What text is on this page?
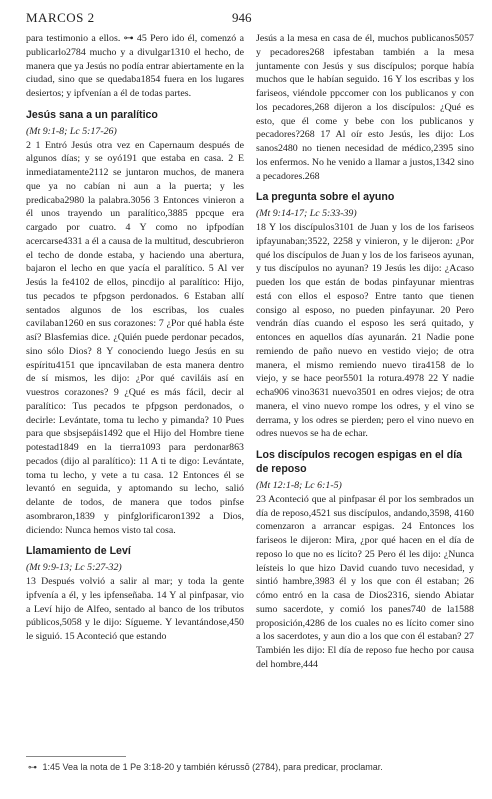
MARCOS 2	946

para testimonio a ellos. ⊶ 45 Pero ido él, comenzó a publicarlo2784 mucho y a divulgar1310 el hecho, de manera que ya Jesús no podía entrar abiertamente en la ciudad, sino que se quedaba1854 fuera en los lugares desiertos; y ipfvenían a él de todas partes.

Jesús sana a un paralítico

(Mt 9:1-8; Lc 5:17-26)

2 1 Entró Jesús otra vez en Capernaum después de algunos días; y se oyó191 que estaba en casa. 2 E inmediatamente2112 se juntaron muchos, de manera que ya no cabían ni aun a la puerta; y les predicaba2980 la palabra.3056 3 Entonces vinieron a él unos trayendo un paralítico,3885 ppcque era cargado por cuatro. 4 Y como no ipfpodían acercarse4331 a él a causa de la multitud, descubrieron el techo de donde estaba, y haciendo una abertura, bajaron el lecho en que yacía el paralítico. 5 Al ver Jesús la fe4102 de ellos, pincdijo al paralítico: Hijo, tus pecados te pfpgson perdonados. 6 Estaban allí sentados algunos de los escribas, los cuales cavilaban1260 en sus corazones: 7 ¿Por qué habla éste así? Blasfemias dice. ¿Quién puede perdonar pecados, sino sólo Dios? 8 Y conociendo luego Jesús en su espíritu4151 que ipncavilaban de esta manera dentro de sí mismos, les dijo: ¿Por qué caviláis así en vuestros corazones? 9 ¿Qué es más fácil, decir al paralítico: Tus pecados te pfpgson perdonados, o decirle: Levántate, toma tu lecho y pimanda? 10 Pues para que sbsjsepáis1492 que el Hijo del Hombre tiene potestad1849 en la tierra1093 para perdonar863 pecados (dijo al paralítico): 11 A ti te digo: Levántate, toma tu lecho, y vete a tu casa. 12 Entonces él se levantó en seguida, y aptomando su lecho, salió delante de todos, de manera que todos pinfse asombraron,1839 y pinfglorificaron1392 a Dios, diciendo: Nunca hemos visto tal cosa.

Llamamiento de Leví

(Mt 9:9-13; Lc 5:27-32)

13 Después volvió a salir al mar; y toda la gente ipfvenía a él, y les ipfenseñaba. 14 Y al pinfpasar, vio a Leví hijo de Alfeo, sentado al banco de los tributos públicos,5058 y le dijo: Sígueme. Y levantándose,450 le siguió. 15 Aconteció que estando

Jesús a la mesa en casa de él, muchos publicanos5057 y pecadores268 ipfestaban también a la mesa juntamente con Jesús y sus discípulos; porque había muchos que le habían seguido. 16 Y los escribas y los fariseos, viéndole ppccomer con los publicanos y con los pecadores,268 dijeron a los discípulos: ¿Qué es esto, que él come y bebe con los publicanos y pecadores?268 17 Al oír esto Jesús, les dijo: Los sanos2480 no tienen necesidad de médico,2395 sino los enfermos. No he venido a llamar a justos,1342 sino a pecadores.268

La pregunta sobre el ayuno

(Mt 9:14-17; Lc 5:33-39)

18 Y los discípulos3101 de Juan y los de los fariseos ipfayunaban;3522, 2258 y vinieron, y le dijeron: ¿Por qué los discípulos de Juan y los de los fariseos ayunan, y tus discípulos no ayunan? 19 Jesús les dijo: ¿Acaso pueden los que están de bodas pinfayunar mientras está con ellos el esposo? Entre tanto que tienen consigo al esposo, no pueden pinfayunar. 20 Pero vendrán días cuando el esposo les será quitado, y entonces en aquellos días ayunarán. 21 Nadie pone remiendo de paño nuevo en vestido viejo; de otra manera, el mismo remiendo nuevo tira4158 de lo viejo, y se hace peor5501 la rotura.4978 22 Y nadie echa906 vino3631 nuevo3501 en odres viejos; de otra manera, el vino nuevo rompe los odres, y el vino se derrama, y los odres se pierden; pero el vino nuevo en odres nuevos se ha de echar.

Los discípulos recogen espigas en el día de reposo

(Mt 12:1-8; Lc 6:1-5)

23 Aconteció que al pinfpasar él por los sembrados un día de reposo,4521 sus discípulos, andando,3598, 4160 comenzaron a arrancar espigas. 24 Entonces los fariseos le dijeron: Mira, ¿por qué hacen en el día de reposo lo que no es lícito? 25 Pero él les dijo: ¿Nunca leísteis lo que hizo David cuando tuvo necesidad, y sintió hambre,3983 él y los que con él estaban; 26 cómo entró en la casa de Dios2316, siendo Abiatar sumo sacerdote, y comió los panes740 de la1588 proposición,4286 de los cuales no es lícito comer sino a los sacerdotes, y aun dio a los que con él estaban? 27 También les dijo: El día de reposo fue hecho por causa del hombre,444

⊶ 1:45 Vea la nota de 1 Pe 3:18-20 y también kérussō (2784), para predicar, proclamar.
